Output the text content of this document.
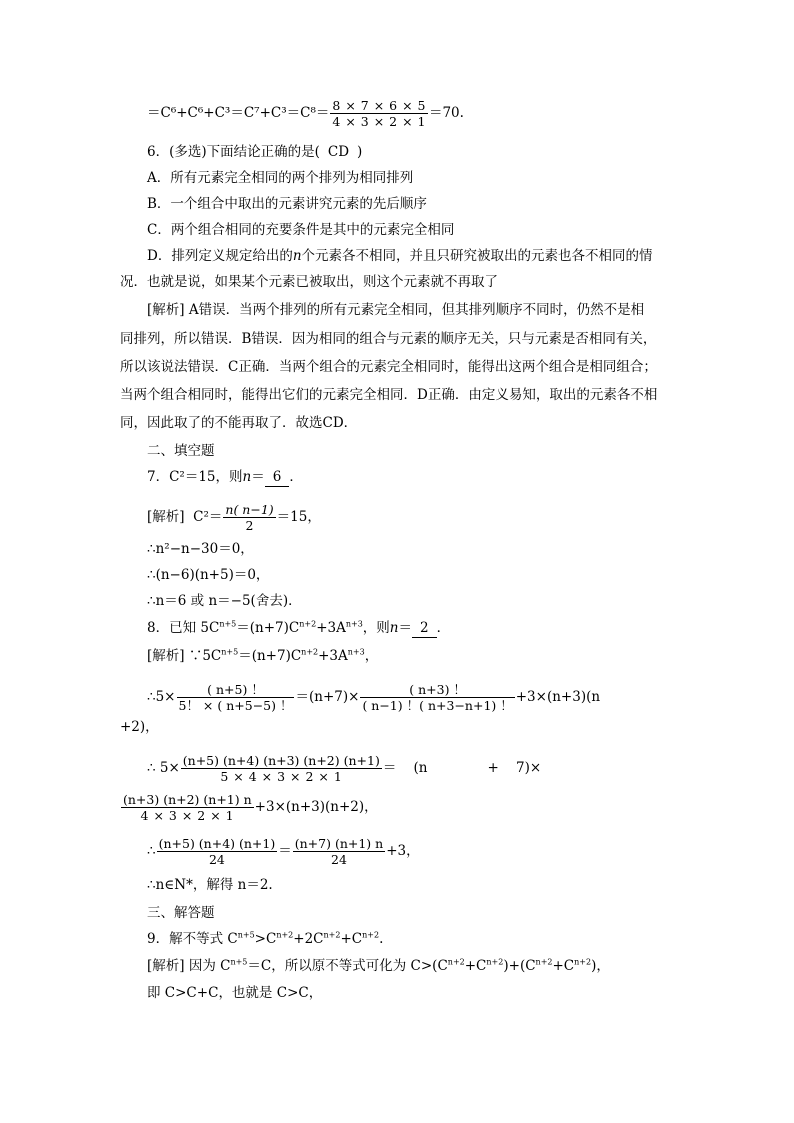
$=C^6+C^6+C^3=C^7+C^3=C^8= \frac{8 \times 7 \times 6 \times 5}{4 \times 3 \times 2 \times 1} =70$.
6．(多选)下面结论正确的是( CD )
A．所有元素完全相同的两个排列为相同排列
B．一个组合中取出的元素讲究元素的先后顺序
C．两个组合相同的充要条件是其中的元素完全相同
D．排列定义规定给出的n个元素各不相同，并且只研究被取出的元素也各不相同的情
况．也就是说，如果某个元素已被取出，则这个元素就不再取了
[解析] A错误．当两个排列的所有元素完全相同，但其排列顺序不同时，仍然不是相
同排列，所以错误．B错误．因为相同的组合与元素的顺序无关，只与元素是否相同有关，
所以该说法错误．C正确．当两个组合的元素完全相同时，能得出这两个组合是相同组合；
当两个组合相同时，能得出它们的元素完全相同．D正确．由定义易知，取出的元素各不相
同，因此取了的不能再取了．故选CD．
二、填空题
7．C²＝15，则n＝ 6 ．
[解析] $C^2= \frac{n( n-1)}{2} =15$，
∴n²−n−30＝0，
∴(n−6)(n+5)＝0，
∴n＝6 或 n＝−5(舍去)．
8．已知 $5C^{n+5}=(n+7)C^{n+2}+3A^{n+3}$，则n＝ 2 ．
[解析] $\because 5C^{n+5}=(n+7)C^{n+2}+3A^{n+3}$，
∴5× $\frac{( n+5) !}{5! \times ( n+5-5) !} =(n+7)\times \frac{( n+3) !}{( n-1) !( n+3-n+1) !} +3\times(n+3)(n$
+2)，
∴ $5\times \frac{(n+5) (n+4) (n+3) (n+2) (n+1)}{5 \times 4 \times 3 \times 2 \times 1}$ ＝    (n              +    7)×
$\frac{(n+3) (n+2) (n+1) n}{4 \times 3 \times 2 \times 1} +3\times(n+3)(n+2)$，
∴ $\frac{(n+5) (n+4) (n+1)}{24} = \frac{(n+7) (n+1) n}{24} +3$，
∴n∈N*，解得 n＝2.
三、解答题
9．解不等式 $C^{n+5}>C^{n+2}+2C^{n+2}+C^{n+2}$.
[解析] 因为 $C^{n+5}=C$，所以原不等式可化为 $C>(C^{n+2}+C^{n+2})+(C^{n+2}+C^{n+2})$，
即 C>C+C，也就是 C>C，
